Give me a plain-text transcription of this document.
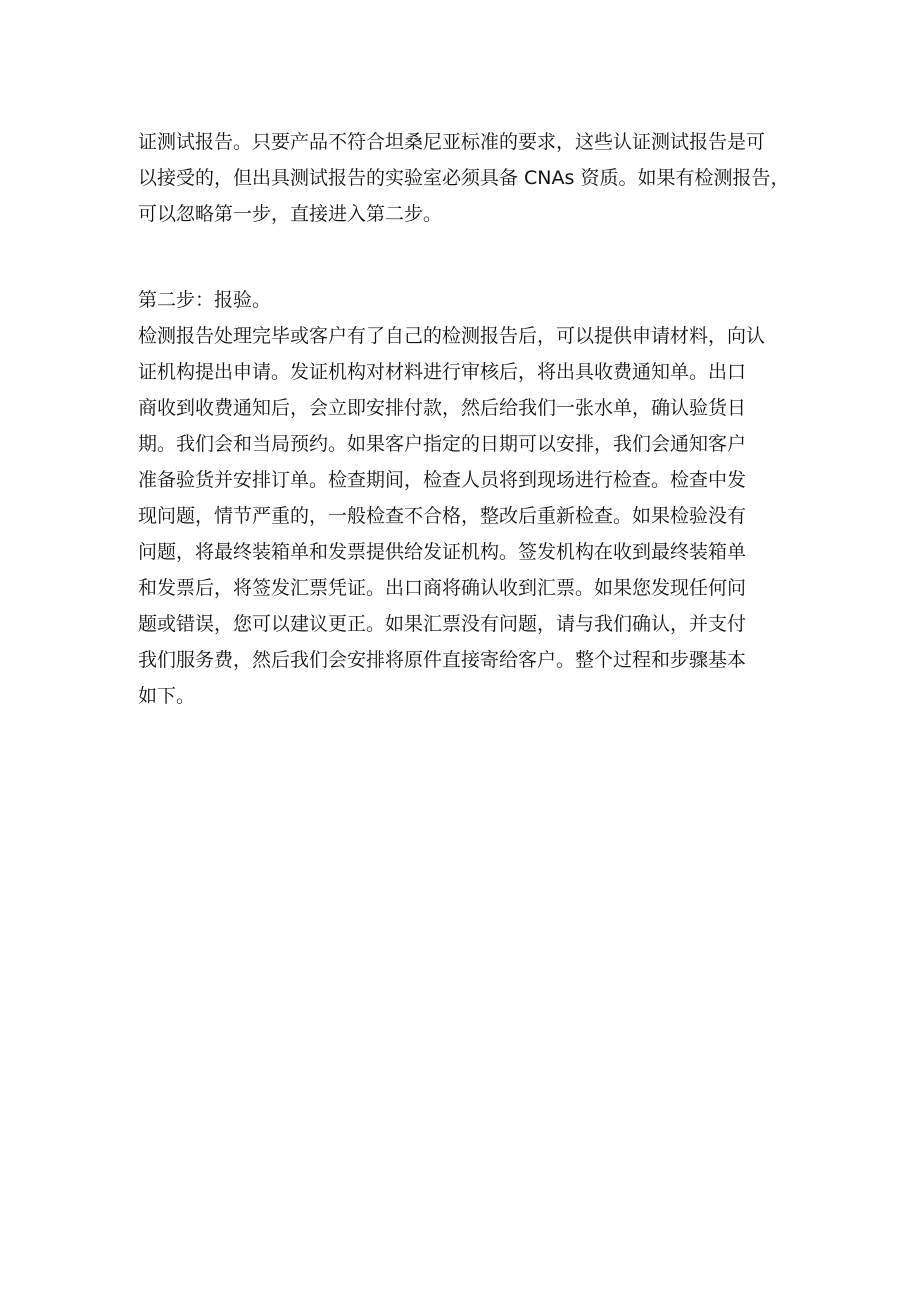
证测试报告。只要产品不符合坦桑尼亚标准的要求，这些认证测试报告是可
以接受的，但出具测试报告的实验室必须具备 CNAs 资质。如果有检测报告，
可以忽略第一步，直接进入第二步。
第二步：报验。
检测报告处理完毕或客户有了自己的检测报告后，可以提供申请材料，向认
证机构提出申请。发证机构对材料进行审核后，将出具收费通知单。出口
商收到收费通知后，会立即安排付款，然后给我们一张水单，确认验货日
期。我们会和当局预约。如果客户指定的日期可以安排，我们会通知客户
准备验货并安排订单。检查期间，检查人员将到现场进行检查。检查中发
现问题，情节严重的，一般检查不合格，整改后重新检查。如果检验没有
问题，将最终装箱单和发票提供给发证机构。签发机构在收到最终装箱单
和发票后，将签发汇票凭证。出口商将确认收到汇票。如果您发现任何问
题或错误，您可以建议更正。如果汇票没有问题，请与我们确认，并支付
我们服务费，然后我们会安排将原件直接寄给客户。整个过程和步骤基本
如下。
